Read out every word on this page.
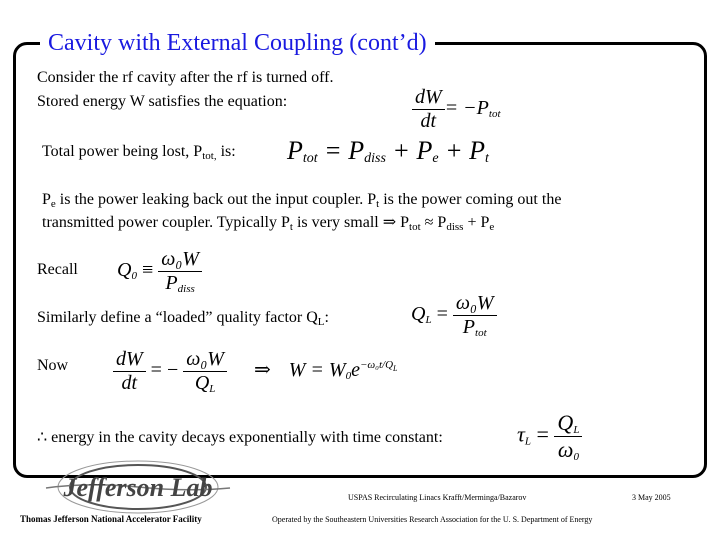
Cavity with External Coupling (cont’d)
Consider the rf cavity after the rf is turned off.
Stored energy W satisfies the equation:	$\frac{dW}{dt} = -P_{tot}$
Total power being lost, $P_{tot,}$ is: $P_{tot} = P_{diss} + P_e + P_t$
$P_e$ is the power leaking back out the input coupler. $P_t$ is the power coming out the
transmitted power coupler. Typically $P_t$ is very small ⇒ $P_{tot} \approx P_{diss} + P_e$
Recall $Q_0 \equiv \frac{\text{ω₀W}}{P_{diss}}$
Similarly define a “loaded” quality factor $Q_L$:	$Q_L = \frac{\text{ω₀W}}{P_{tot}}$
Now $\frac{dW}{dt}$ = − $\frac{\text{ω₀W}}{Q_L}$ ⇒ $W = W_0e^{-\omega_0t/Q_L}$
∴ energy in the cavity decays exponentially with time constant:	$\tau_L = \frac{Q_L}{\omega_0}$
Jefferson Lab
Thomas Jefferson National Accelerator Facility
USPAS Recirculating Linacs Krafft/Merminga/Bazarov	3 May 2005
Operated by the Southeastern Universities Research Association for the U. S. Department of Energy
